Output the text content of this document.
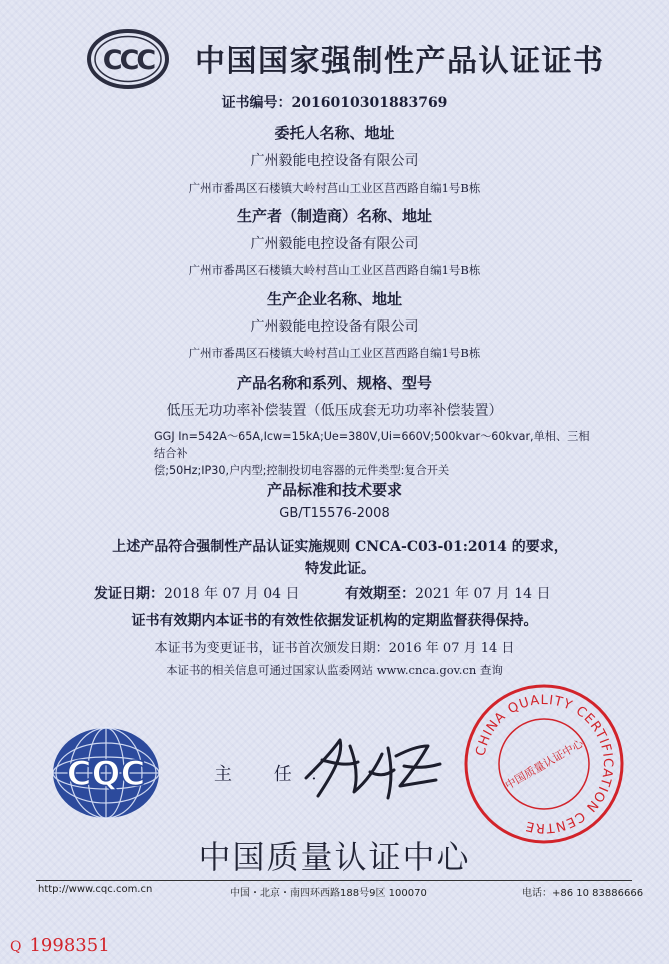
CCC 中国国家强制性产品认证证书
证书编号：2016010301883769
委托人名称、地址
广州毅能电控设备有限公司
广州市番禺区石楼镇大岭村莒山工业区莒西路自编1号B栋
生产者（制造商）名称、地址
广州毅能电控设备有限公司
广州市番禺区石楼镇大岭村莒山工业区莒西路自编1号B栋
生产企业名称、地址
广州毅能电控设备有限公司
广州市番禺区石楼镇大岭村莒山工业区莒西路自编1号B栋
产品名称和系列、规格、型号
低压无功功率补偿装置（低压成套无功功率补偿装置）
GGJ In=542A～65A,Icw=15kA;Ue=380V,Ui=660V;500kvar～60kvar,单相、三相结合补
偿;50Hz;IP30,户内型;控制投切电容器的元件类型:复合开关
产品标准和技术要求
GB/T15576-2008
上述产品符合强制性产品认证实施规则 CNCA-C03-01:2014 的要求，
特发此证。
发证日期：2018 年 07 月 04 日	有效期至：2021 年 07 月 14 日
证书有效期内本证书的有效性依据发证机构的定期监督获得保持。
本证书为变更证书，证书首次颁发日期：2016 年 07 月 14 日
本证书的相关信息可通过国家认监委网站 www.cnca.gov.cn 查询
CQC	主 任：
CHINA QUALITY CERTIFICATION CENTRE
中国质量认证中心
中国质量认证中心
http://www.cqc.com.cn	中国・北京・南四环西路188号9区 100070	电话：+86 10 83886666
Q 1998351
